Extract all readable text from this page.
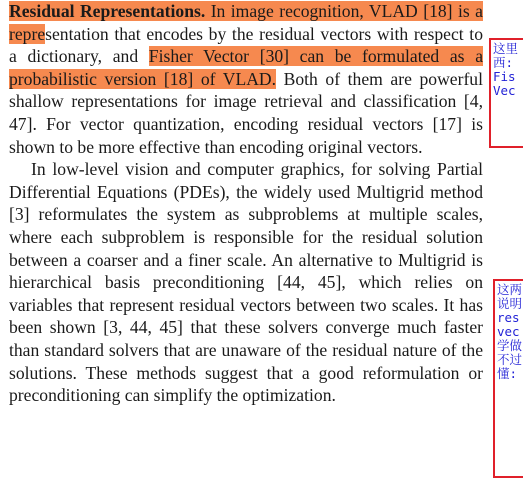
Residual Representations. In image recognition, VLAD [18] is a representation that encodes by the residual vectors with respect to a dictionary, and Fisher Vector [30] can be formulated as a probabilistic version [18] of VLAD. Both of them are powerful shallow representations for image retrieval and classification [4, 47]. For vector quantization, encoding residual vectors [17] is shown to be more effective than encoding original vectors.

In low-level vision and computer graphics, for solving Partial Differential Equations (PDEs), the widely used Multigrid method [3] reformulates the system as subproblems at multiple scales, where each subproblem is responsible for the residual solution between a coarser and a finer scale. An alternative to Multigrid is hierarchical basis preconditioning [44, 45], which relies on variables that represent residual vectors between two scales. It has been shown [3, 44, 45] that these solvers converge much faster than standard solvers that are unaware of the residual nature of the solutions. These methods suggest that a good reformulation or preconditioning can simplify the optimization.

这里
西:
Fis
Vec
这两
说明
res
vec
学做
不过
懂:
